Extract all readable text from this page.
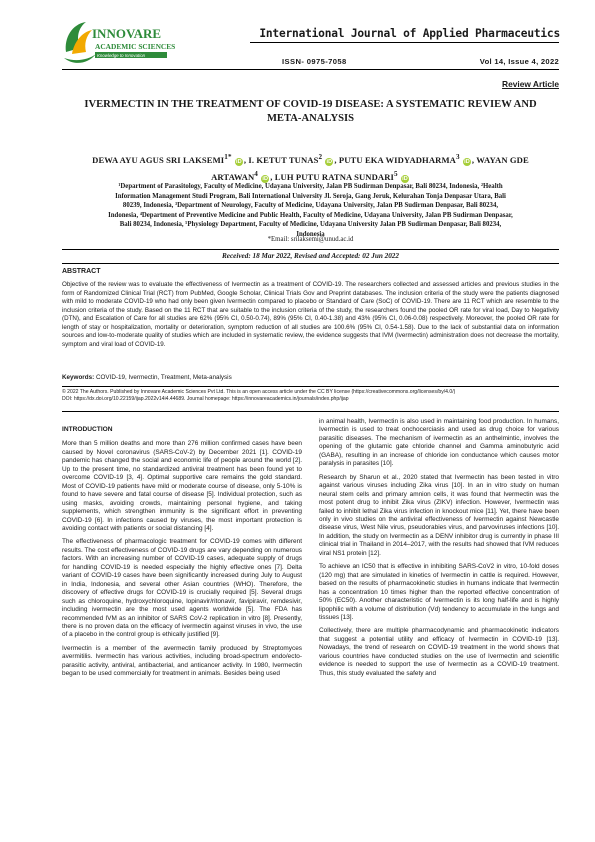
INNOVARE
ACADEMIC SCIENCES
Knowledge to Innovation
International Journal of Applied Pharmaceutics
ISSN- 0975-7058	Vol 14, Issue 4, 2022
Review Article
IVERMECTIN IN THE TREATMENT OF COVID-19 DISEASE: A SYSTEMATIC REVIEW AND
META-ANALYSIS
DEWA AYU AGUS SRI $LAKSEMI^{1*}$ iD , I. KETUT TUNAS$^2$ iD , PUTU EKA WIDYADHARMA$^3$ iD , WAYAN GDE
ARTAWAN$^4$ iD , LUH PUTU RATNA SUNDARI$^5$ iD
¹Department of Parasitology, Faculty of Medicine, Udayana University, Jalan PB Sudirman Denpasar, Bali 80234, Indonesia, ²Health
Information Management Studi Program, Bali International University Jl. Seroja, Gang Jeruk, Kelurahan Tonja Denpasar Utara, Bali
80239, Indonesia, ³Department of Neurology, Faculty of Medicine, Udayana University, Jalan PB Sudirman Denpasar, Bali 80234,
Indonesia, ⁴Department of Preventive Medicine and Public Health, Faculty of Medicine, Udayana University, Jalan PB Sudirman Denpasar,
Bali 80234, Indonesia, ⁵Physiology Department, Faculty of Medicine, Udayana University Jalan PB Sudirman Denpasar, Bali 80234,
Indonesia
*Email: srilaksemi@unud.ac.id
Received: 18 Mar 2022, Revised and Accepted: 02 Jun 2022
ABSTRACT
Objective of the review was to evaluate the effectiveness of Ivermectin as a treatment of COVID-19. The researchers collected and assessed articles and previous studies in the form of Randomized Clinical Trial (RCT) from PubMed, Google Scholar, Clinical Trials Gov and Preprint databases. The inclusion criteria of the study were the patients diagnosed with mild to moderate COVID-19 who had only been given Ivermectin compared to placebo or Standard of Care (SoC) of COVID-19. There are 11 RCT which are resemble to the inclusion criteria of the study. Based on the 11 RCT that are suitable to the inclusion criteria of the study, the researchers found the pooled OR rate for viral load, Day to Negativity (DTN), and Escalation of Care for all studies are 62% (95% CI, 0.50-0.74), 89% (95% CI, 0.40-1.38) and 43% (95% CI, 0.06-0.08) respectively. Moreover, the pooled OR rate for length of stay or hospitalization, mortality or deterioration, symptom reduction of all studies are 100.6% (95% CI, 0.54-1.58). Due to the lack of substantial data on information sources and low-to-moderate quality of studies which are included in systematic review, the evidence suggests that IVM (Ivermectin) administration does not decrease the mortality, symptom and viral load of COVID-19.
Keywords: COVID-19, Ivermectin, Treatment, Meta-analysis
© 2022 The Authors. Published by Innovare Academic Sciences Pvt Ltd. This is an open access article under the CC BY license (https://creativecommons.org/licenses/by/4.0/)
DOI: https://dx.doi.org/10.22159/ijap.2022v14i4.44689. Journal homepage: https://innovareacademics.in/journals/index.php/ijap

INTRODUCTION

More than 5 million deaths and more than 276 million confirmed cases have been caused by Novel coronavirus (SARS-CoV-2) by December 2021 [1]. COVID-19 pandemic has changed the social and economic life of people around the world [2]. Up to the present time, no standardized antiviral treatment has been found yet to overcome COVID-19 [3, 4]. Optimal supportive care remains the gold standard. Most of COVID-19 patients have mild or moderate course of disease, only 5-10% is found to have severe and fatal course of disease [5]. Individual protection, such as using masks, avoiding crowds, maintaining personal hygiene, and taking supplements, which strengthen immunity is the significant effort in preventing COVID-19 [6]. In infections caused by viruses, the most important protection is avoiding contact with patients or social distancing [4].

The effectiveness of pharmacologic treatment for COVID-19 comes with different results. The cost effectiveness of COVID-19 drugs are vary depending on numerous factors. With an increasing number of COVID-19 cases, adequate supply of drugs for handling COVID-19 is needed especially the highly effective ones [7]. Delta variant of COVID-19 cases have been significantly increased during July to August in India, Indonesia, and several other Asian countries (WHO). Therefore, the discovery of effective drugs for COVID-19 is crucially required [5]. Several drugs such as chloroquine, hydroxychloroquine, lopinavir/ritonavir, favipiravir, remdesivir, including ivermectin are the most used agents worldwide [5]. The FDA has recommended IVM as an inhibitor of SARS CoV-2 replication in vitro [8]. Presently, there is no proven data on the efficacy of ivermectin against viruses in vivo, the use of a placebo in the control group is ethically justified [9].

Ivermectin is a member of the avermectin family produced by Streptomyces avermitilis. Ivermectin has various activities, including broad-spectrum endo/ecto-parasitic activity, antiviral, antibacterial, and anticancer activity. In 1980, Ivermectin began to be used commercially for treatment in animals. Besides being used

in animal health, Ivermectin is also used in maintaining food production. In humans, Ivermectin is used to treat onchocerciasis and used as drug choice for various parasitic diseases. The mechanism of ivermectin as an anthelmintic, involves the opening of the glutamic gate chloride channel and Gamma aminobutyric acid (GABA), resulting in an increase of chloride ion conductance which causes motor paralysis in parasites [10].

Research by Sharun et al., 2020 stated that Ivermectin has been tested in vitro against various viruses including Zika virus [10]. In an in vitro study on human neural stem cells and primary amnion cells, it was found that Ivermectin was the most potent drug to inhibit Zika virus (ZIKV) infection. However, Ivermectin was failed to inhibit lethal Zika virus infection in knockout mice [11]. Yet, there have been only in vivo studies on the antiviral effectiveness of Ivermectin against Newcastle disease virus, West Nile virus, pseudorabies virus, and parvoviruses infections [10]. In addition, the study on Ivermectin as a DENV inhibitor drug is currently in phase III clinical trial in Thailand in 2014–2017, with the results had showed that IVM reduces viral NS1 protein [12].

To achieve an IC50 that is effective in inhibiting SARS-CoV2 in vitro, 10-fold doses (120 mg) that are simulated in kinetics of Ivermectin in cattle is required. However, based on the results of pharmacokinetic studies in humans indicate that Ivermectin has a concentration 10 times higher than the reported effective concentration of 50% (EC50). Another characteristic of Ivermectin is its long half-life and is highly lipophilic with a volume of distribution (Vd) tendency to accumulate in the lungs and tissues [13].

Collectively, there are multiple pharmacodynamic and pharmacokinetic indicators that suggest a potential utility and efficacy of Ivermectin in COVID-19 [13]. Nowadays, the trend of research on COVID-19 treatment in the world shows that various countries have conducted studies on the use of Ivermectin and scientific evidence is needed to support the use of Ivermectin as a COVID-19 treatment. Thus, this study evaluated the safety and
